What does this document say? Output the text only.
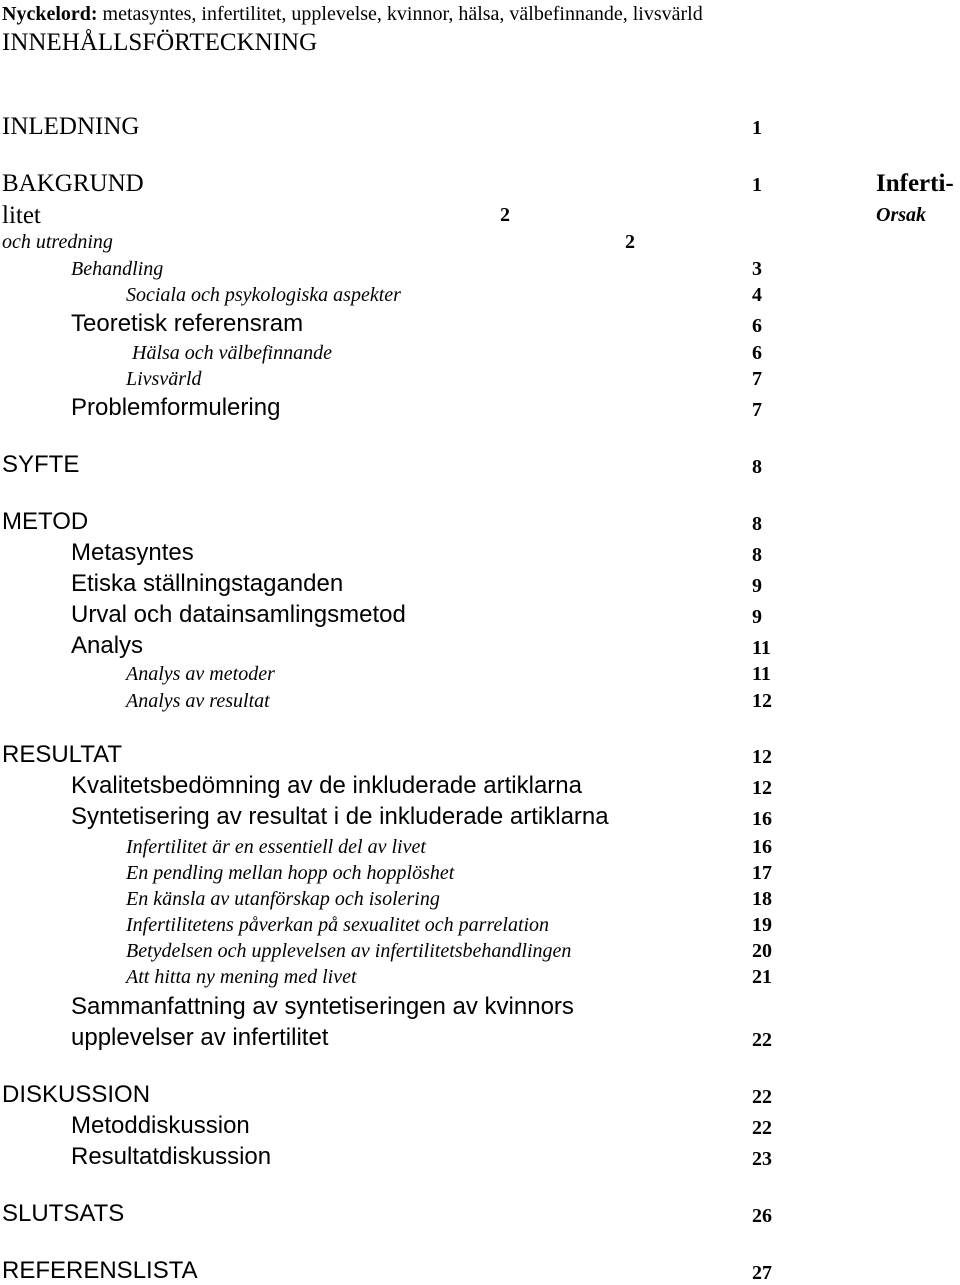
Nyckelord: metasyntes, infertilitet, upplevelse, kvinnor, hälsa, välbefinnande, livsvärld
INNEHÅLLSFÖRTECKNING
INLEDNING	1
BAKGRUND	1	Inferti-
litet	2	Orsak
och utredning	2
Behandling	3
Sociala och psykologiska aspekter	4
Teoretisk referensram	6
Hälsa och välbefinnande	6
Livsvärld	7
Problemformulering	7
SYFTE	8
METOD	8
Metasyntes	8
Etiska ställningstaganden	9
Urval och datainsamlingsmetod	9
Analys	11
Analys av metoder	11
Analys av resultat	12
RESULTAT	12
Kvalitetsbedömning av de inkluderade artiklarna	12
Syntetisering av resultat i de inkluderade artiklarna	16
Infertilitet är en essentiell del av livet	16
En pendling mellan hopp och hopplöshet	17
En känsla av utanförskap och isolering	18
Infertilitetens påverkan på sexualitet och parrelation	19
Betydelsen och upplevelsen av infertilitetsbehandlingen	20
Att hitta ny mening med livet	21
Sammanfattning av syntetiseringen av kvinnors
upplevelser av infertilitet	22
DISKUSSION	22
Metoddiskussion	22
Resultatdiskussion	23
SLUTSATS	26
REFERENSLISTA	27
